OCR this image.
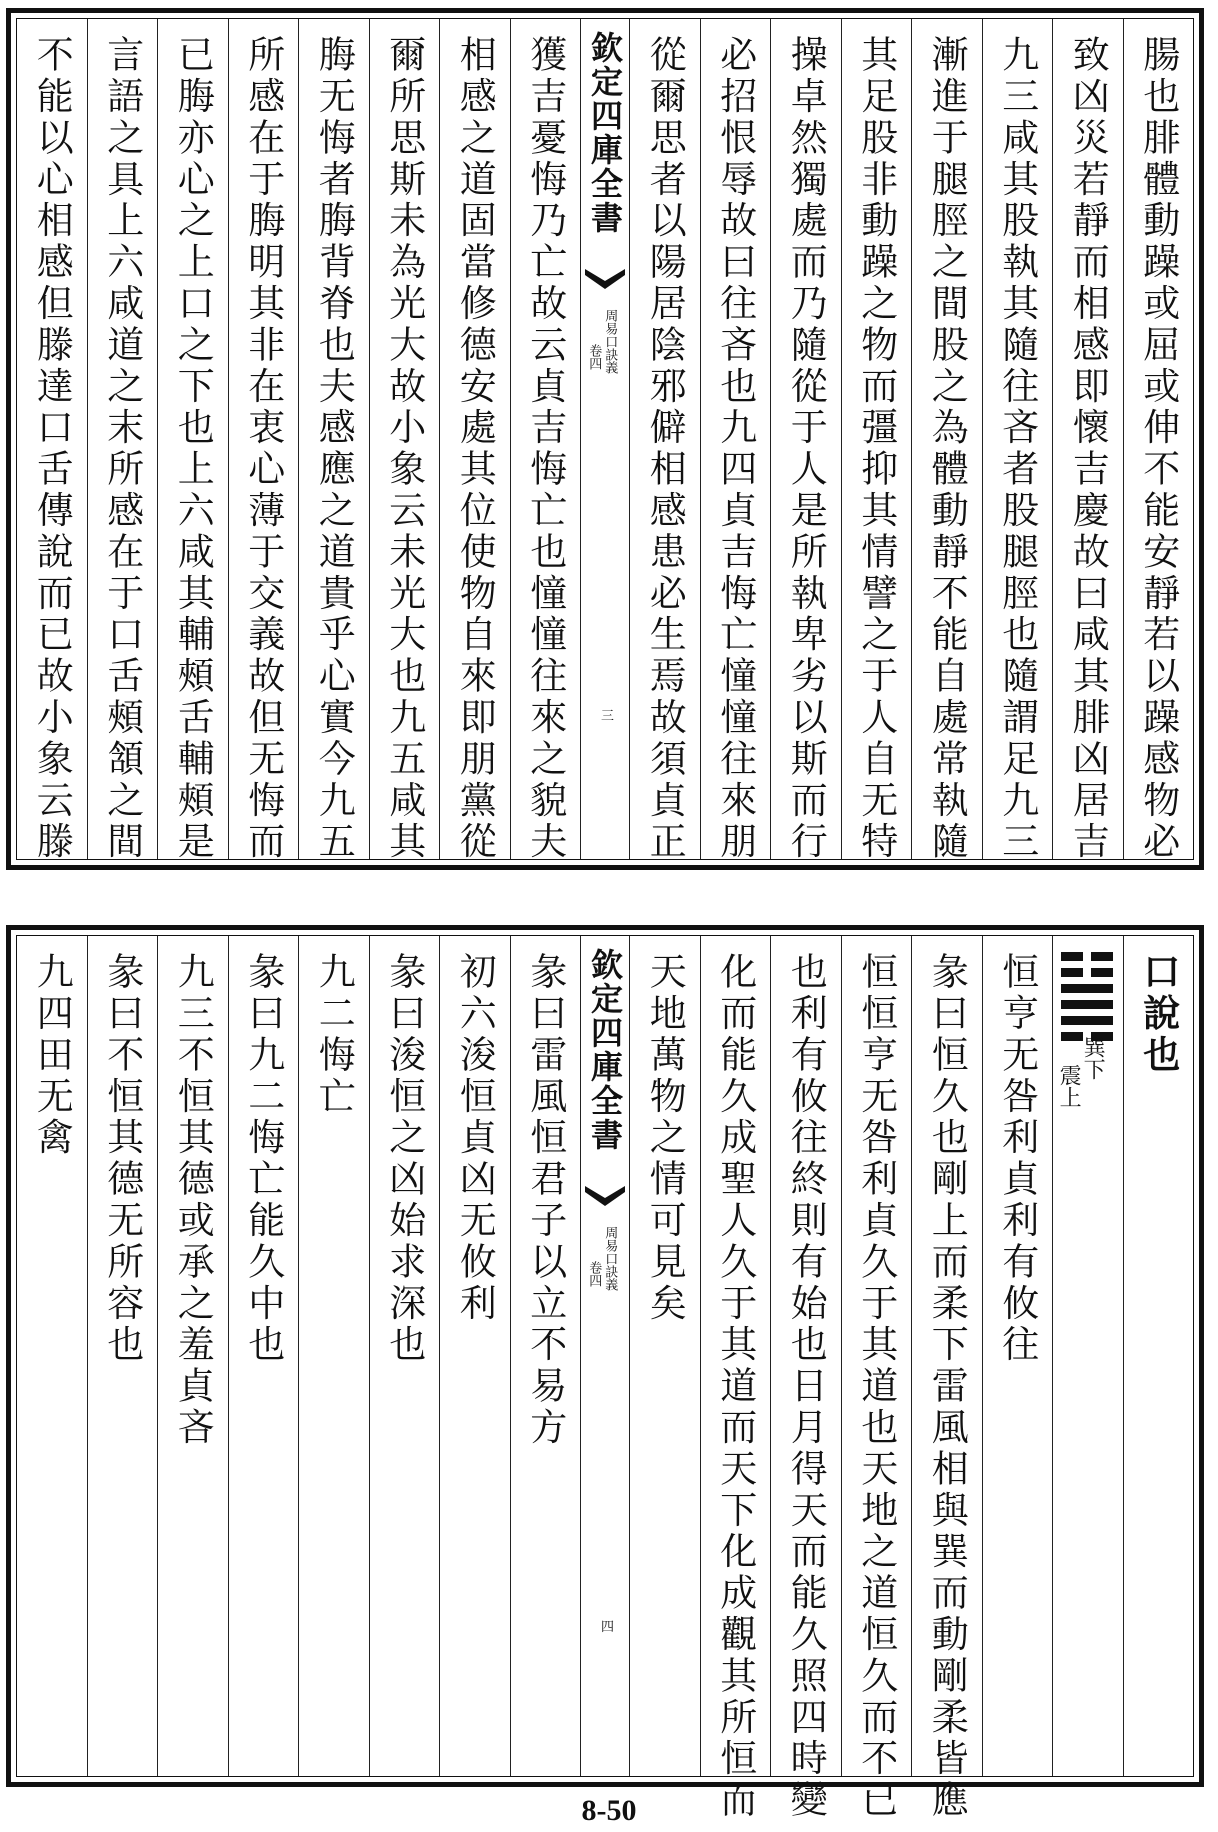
腸也腓體動躁或屈或伸不能安靜若以躁感物必
致凶災若靜而相感即懷吉慶故曰咸其腓凶居吉
九三咸其股執其隨往吝者股腿脛也隨謂足九三
漸進于腿脛之間股之為體動靜不能自處常執隨
其足股非動躁之物而彊抑其情譬之于人自无特
操卓然獨處而乃隨從于人是所執卑劣以斯而行
必招恨辱故曰往吝也九四貞吉悔亡憧憧往來朋
從爾思者以陽居陰邪僻相感患必生焉故須貞正
欽定四庫全書
周易口訣義
卷四
三
獲吉憂悔乃亡故云貞吉悔亡也憧憧往來之貌夫
相感之道固當修德安處其位使物自來即朋黨從
爾所思斯未為光大故小象云未光大也九五咸其
脢无悔者脢背脊也夫感應之道貴乎心實今九五
所感在于脢明其非在衷心薄于交義故但无悔而
已脢亦心之上口之下也上六咸其輔頰舌輔頰是
言語之具上六咸道之末所感在于口舌頰頷之間
不能以心相感但滕達口舌傳說而已故小象云滕
口說也
巽下
震上
恒亨无咎利貞利有攸往
彖曰恒久也剛上而柔下雷風相與巽而動剛柔皆應
恒恒亨无咎利貞久于其道也天地之道恒久而不已
也利有攸往終則有始也日月得天而能久照四時變
化而能久成聖人久于其道而天下化成觀其所恒而
天地萬物之情可見矣
欽定四庫全書
周易口訣義
卷四
四
彖曰雷風恒君子以立不易方
初六浚恒貞凶无攸利
彖曰浚恒之凶始求深也
九二悔亡
彖曰九二悔亡能久中也
九三不恒其德或承之羞貞吝
彖曰不恒其德无所容也
九四田无禽
8-50
